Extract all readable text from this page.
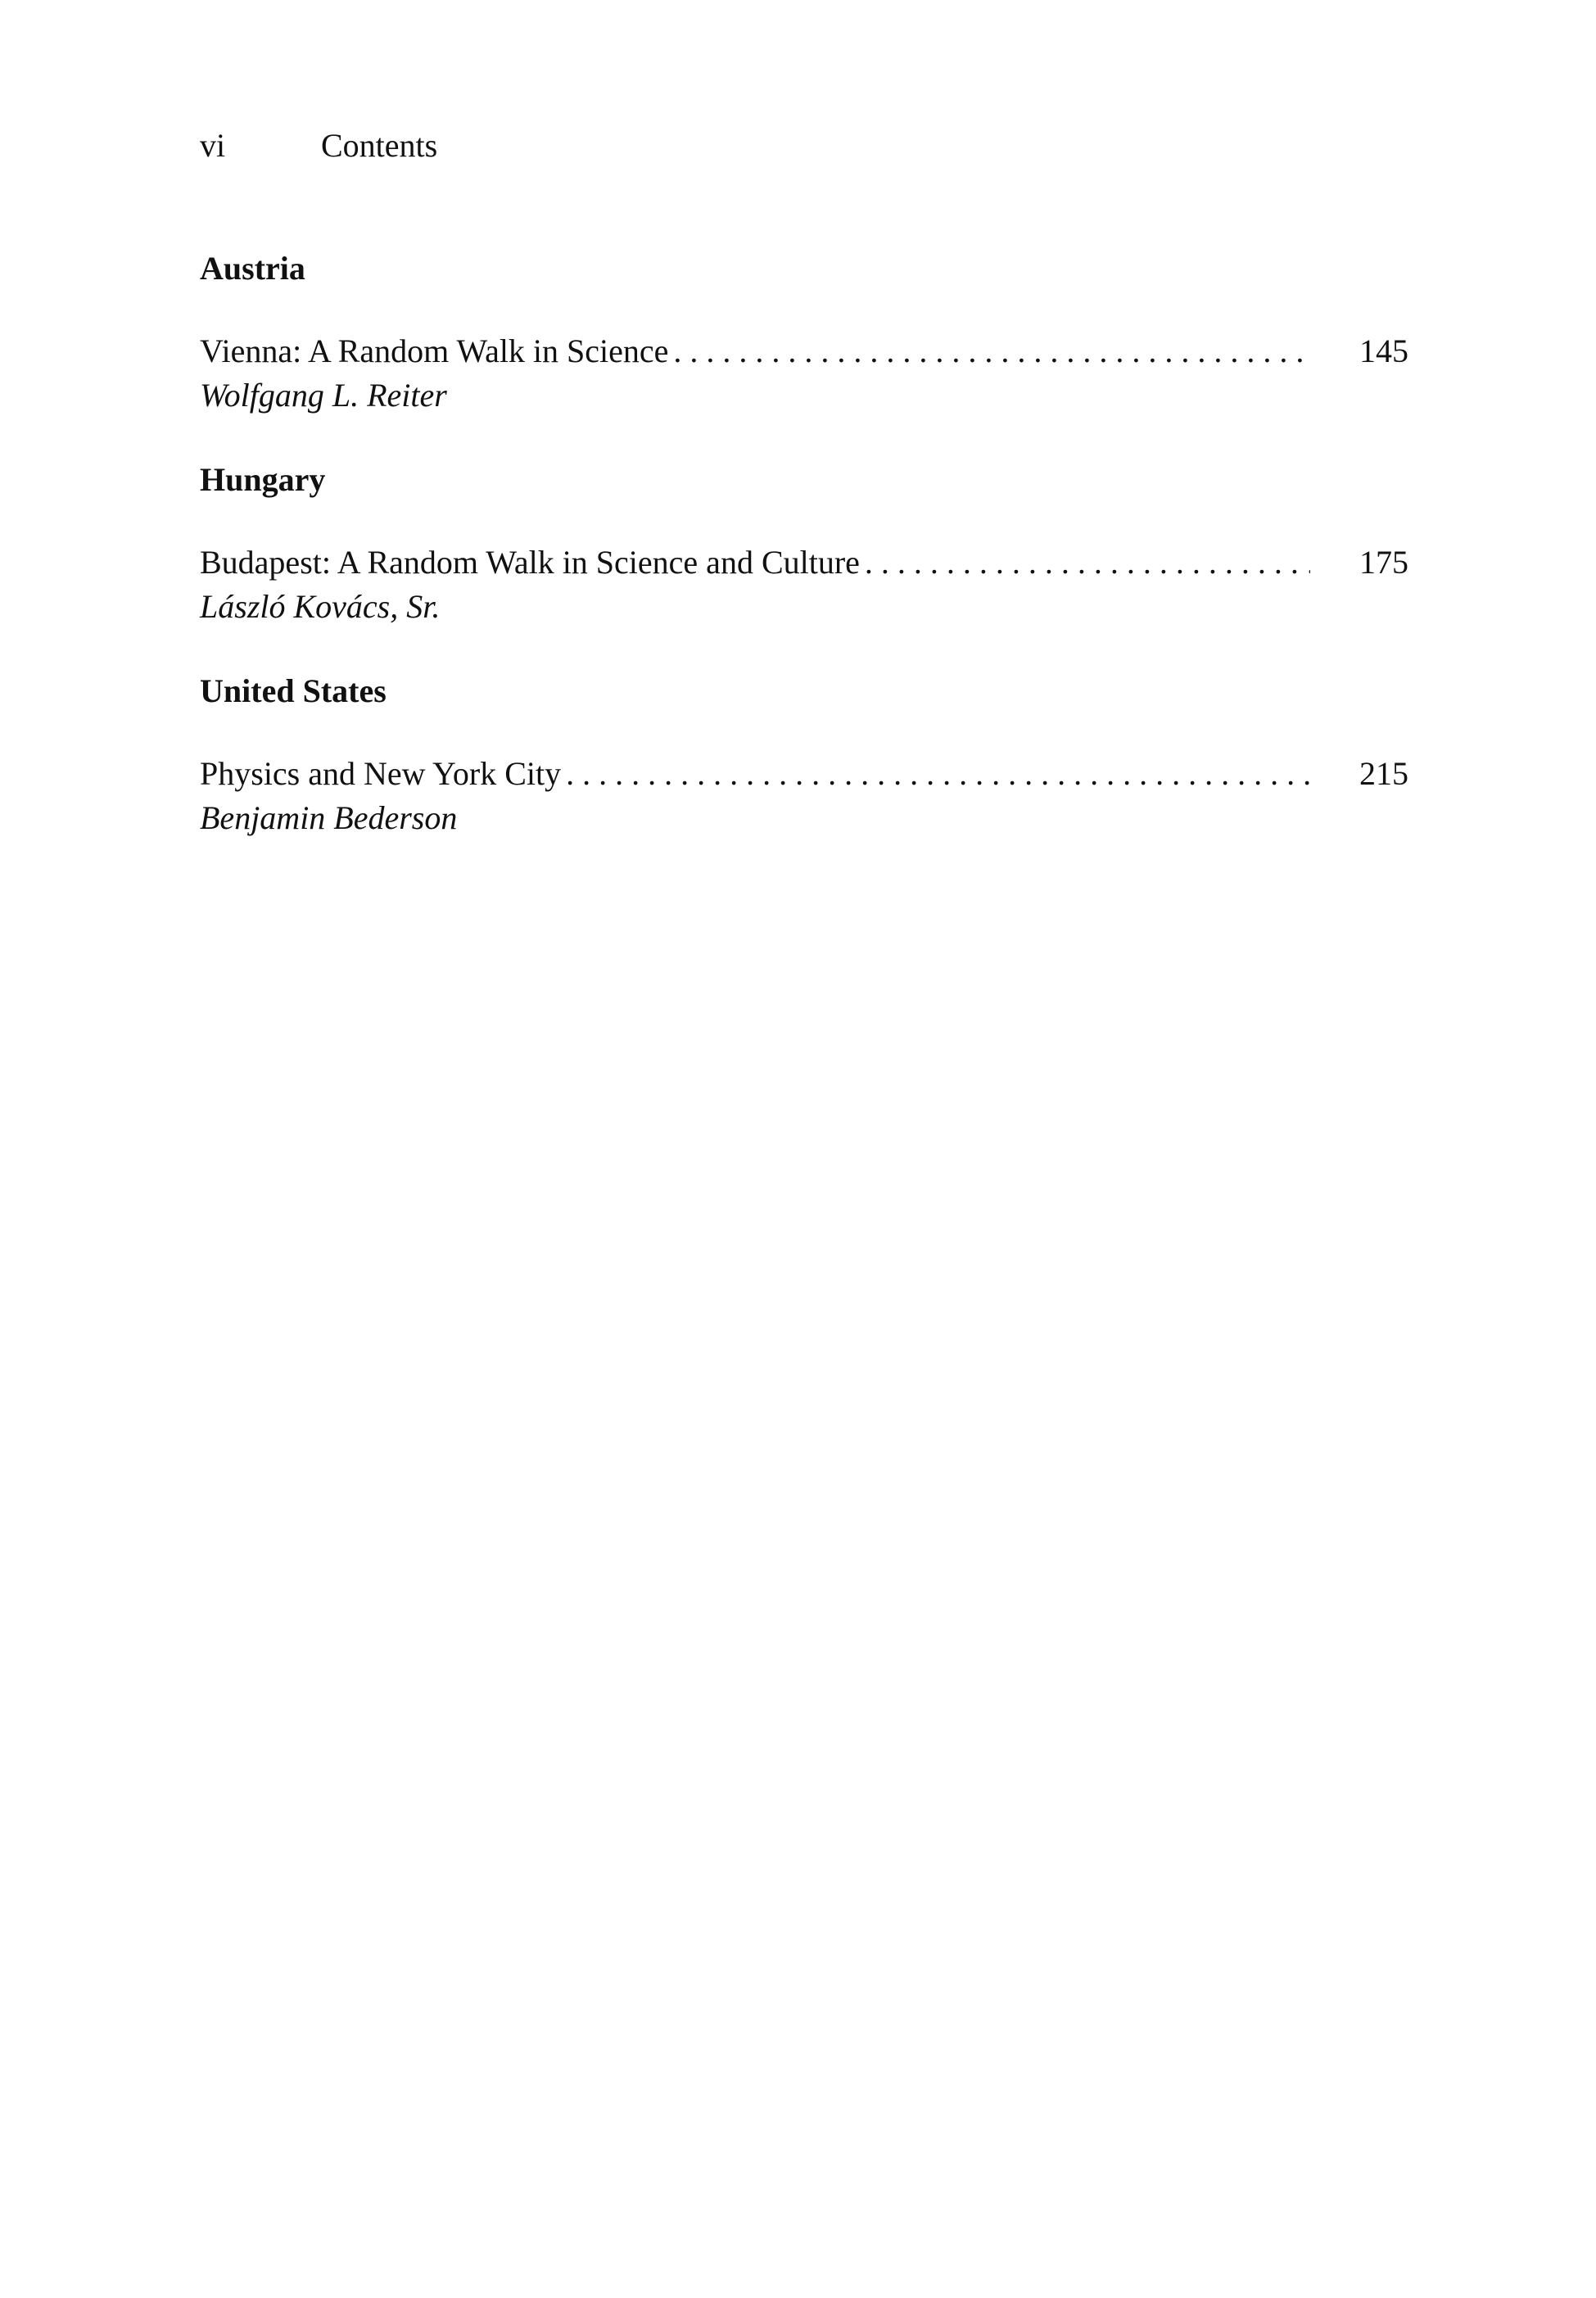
vi	Contents
Austria
Vienna: A Random Walk in Science . . .	145
Wolfgang L. Reiter
Hungary
Budapest: A Random Walk in Science and Culture . . .	175
László Kovács, Sr.
United States
Physics and New York City . . .	215
Benjamin Bederson
